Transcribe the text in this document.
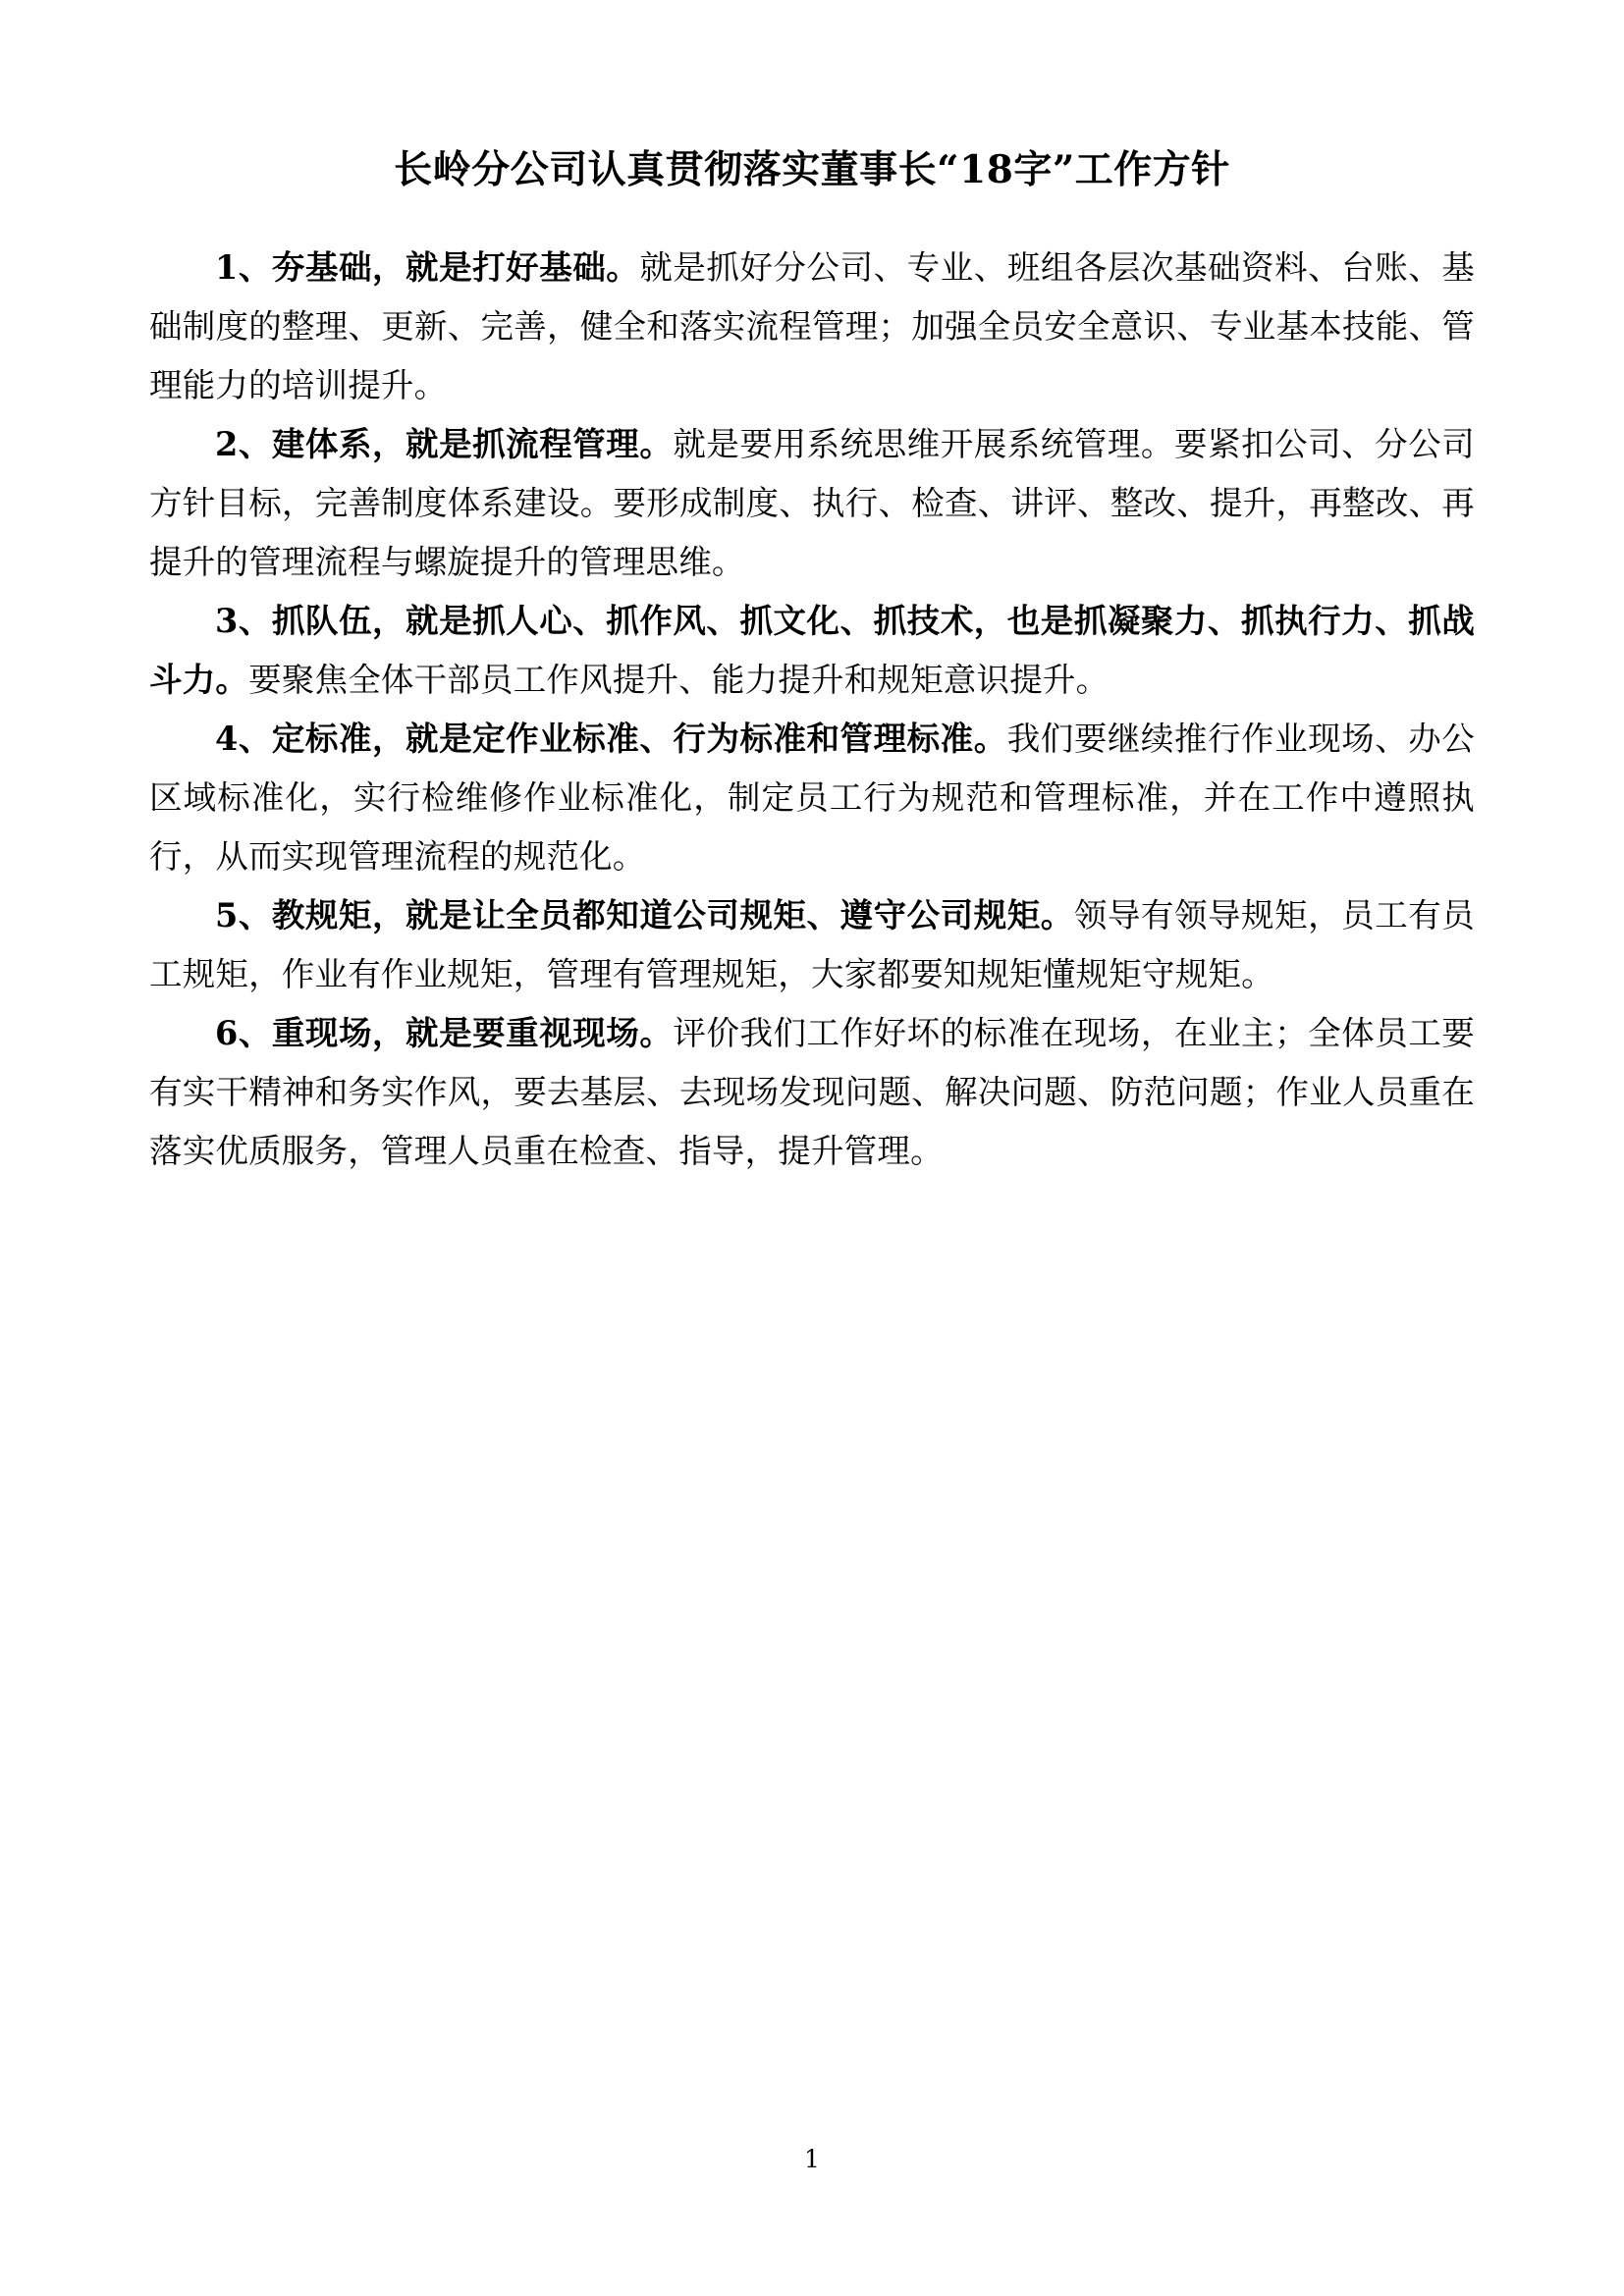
长岭分公司认真贯彻落实董事长“18字”工作方针

1、夯基础，就是打好基础。就是抓好分公司、专业、班组各层次基础资料、台账、基础制度的整理、更新、完善，健全和落实流程管理；加强全员安全意识、专业基本技能、管理能力的培训提升。

2、建体系，就是抓流程管理。就是要用系统思维开展系统管理。要紧扣公司、分公司方针目标，完善制度体系建设。要形成制度、执行、检查、讲评、整改、提升，再整改、再提升的管理流程与螺旋提升的管理思维。

3、抓队伍，就是抓人心、抓作风、抓文化、抓技术，也是抓凝聚力、抓执行力、抓战斗力。要聚焦全体干部员工作风提升、能力提升和规矩意识提升。

4、定标准，就是定作业标准、行为标准和管理标准。我们要继续推行作业现场、办公区域标准化，实行检维修作业标准化，制定员工行为规范和管理标准，并在工作中遵照执行，从而实现管理流程的规范化。

5、教规矩，就是让全员都知道公司规矩、遵守公司规矩。领导有领导规矩，员工有员工规矩，作业有作业规矩，管理有管理规矩，大家都要知规矩懂规矩守规矩。

6、重现场，就是要重视现场。评价我们工作好坏的标准在现场，在业主；全体员工要有实干精神和务实作风，要去基层、去现场发现问题、解决问题、防范问题；作业人员重在落实优质服务，管理人员重在检查、指导，提升管理。

1
